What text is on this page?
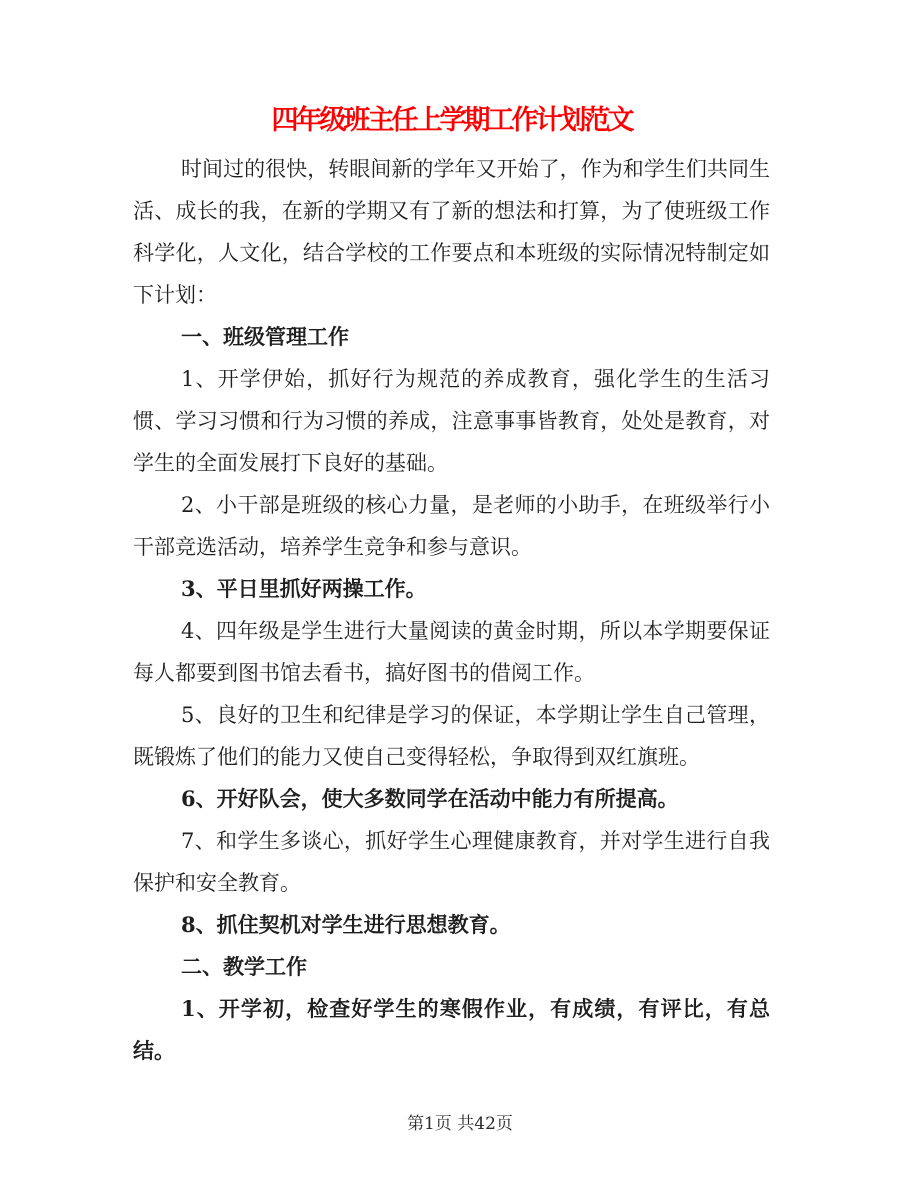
四年级班主任上学期工作计划范文

时间过的很快，转眼间新的学年又开始了，作为和学生们共同生活、成长的我，在新的学期又有了新的想法和打算，为了使班级工作科学化，人文化，结合学校的工作要点和本班级的实际情况特制定如下计划：

一、班级管理工作

1、开学伊始，抓好行为规范的养成教育，强化学生的生活习惯、学习习惯和行为习惯的养成，注意事事皆教育，处处是教育，对学生的全面发展打下良好的基础。

2、小干部是班级的核心力量，是老师的小助手，在班级举行小干部竞选活动，培养学生竞争和参与意识。

3、平日里抓好两操工作。

4、四年级是学生进行大量阅读的黄金时期，所以本学期要保证每人都要到图书馆去看书，搞好图书的借阅工作。

5、良好的卫生和纪律是学习的保证，本学期让学生自己管理，既锻炼了他们的能力又使自己变得轻松，争取得到双红旗班。

6、开好队会，使大多数同学在活动中能力有所提高。

7、和学生多谈心，抓好学生心理健康教育，并对学生进行自我保护和安全教育。

8、抓住契机对学生进行思想教育。

二、教学工作

1、开学初，检查好学生的寒假作业，有成绩，有评比，有总结。

第1页 共42页
